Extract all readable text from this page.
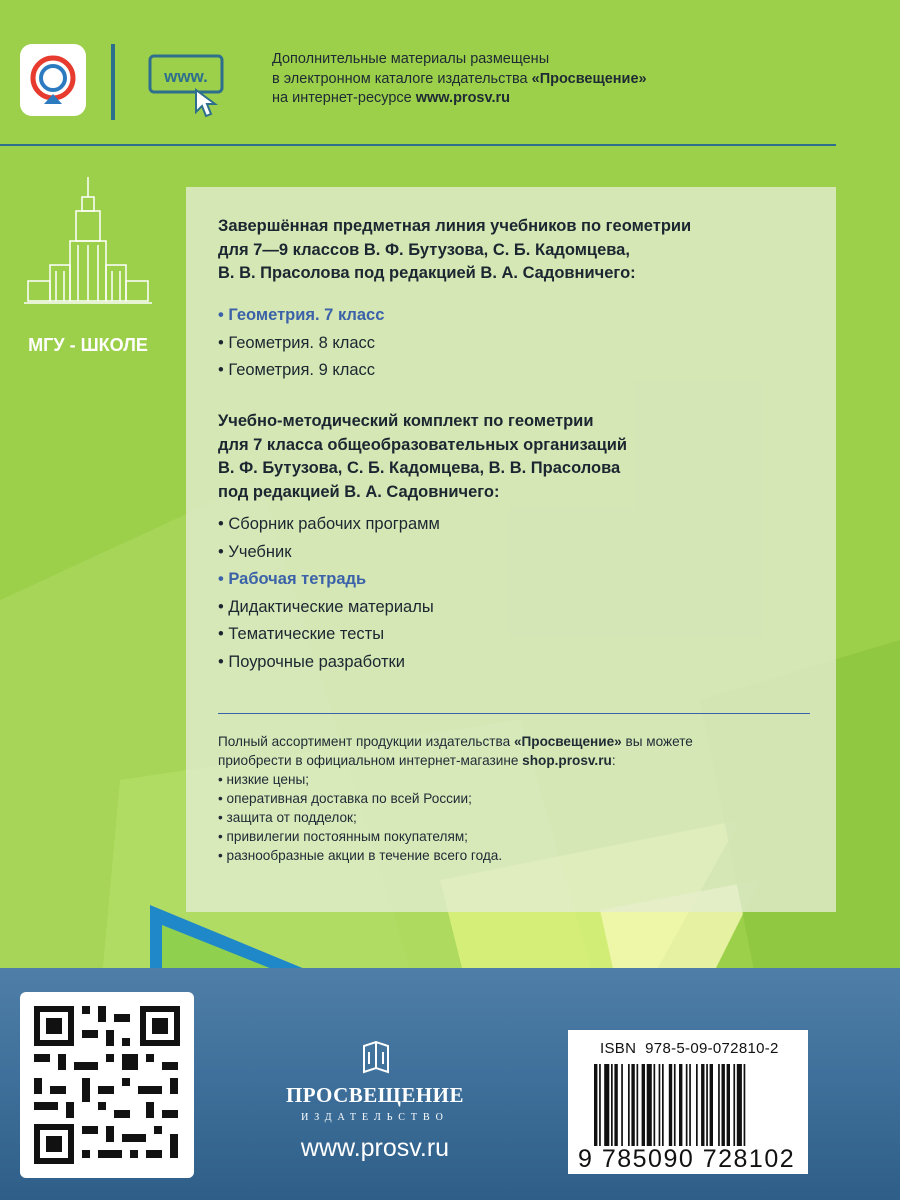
www.
Дополнительные материалы размещены
в электронном каталоге издательства «Просвещение»
на интернет-ресурсе www.prosv.ru
МГУ - ШКОЛЕ
Завершённая предметная линия учебников по геометрии
для 7—9 классов В. Ф. Бутузова, С. Б. Кадомцева,
В. В. Прасолова под редакцией В. А. Садовничего:
• Геометрия. 7 класс
• Геометрия. 8 класс
• Геометрия. 9 класс
Учебно-методический комплект по геометрии
для 7 класса общеобразовательных организаций
В. Ф. Бутузова, С. Б. Кадомцева, В. В. Прасолова
под редакцией В. А. Садовничего:
• Сборник рабочих программ
• Учебник
• Рабочая тетрадь
• Дидактические материалы
• Тематические тесты
• Поурочные разработки
Полный ассортимент продукции издательства «Просвещение» вы можете
приобрести в официальном интернет-магазине shop.prosv.ru:
• низкие цены;
• оперативная доставка по всей России;
• защита от подделок;
• привилегии постоянным покупателям;
• разнообразные акции в течение всего года.
ПРОСВЕЩЕНИЕ
ИЗДАТЕЛЬСТВО
www.prosv.ru
ISBN 978-5-09-072810-2
9 785090 728102
